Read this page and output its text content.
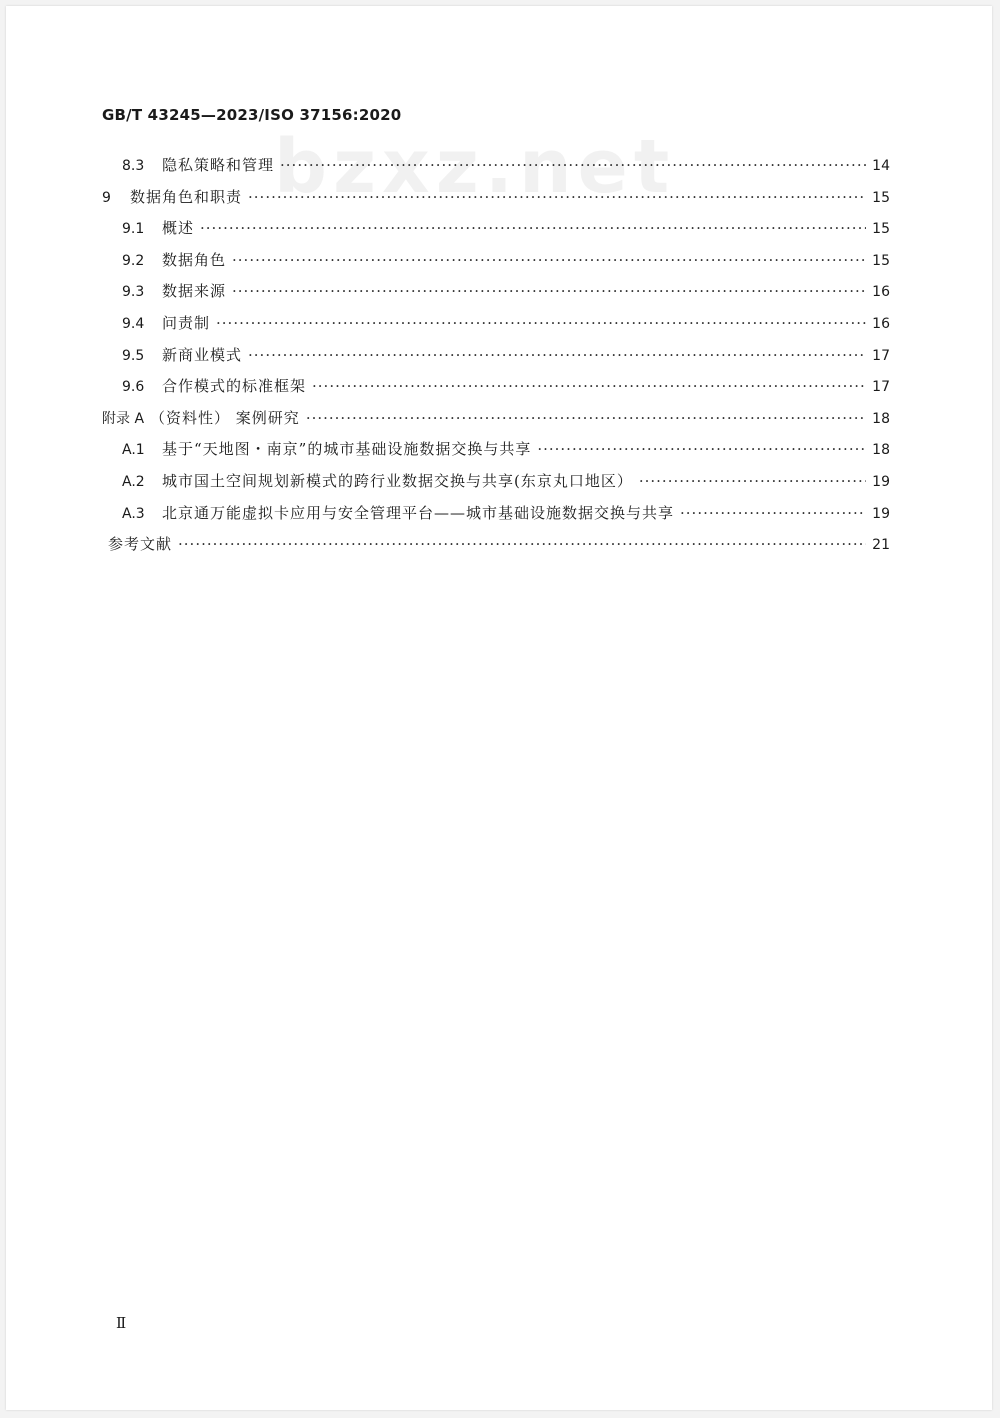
GB/T 43245—2023/ISO 37156:2020
bzxz.net
8.3	隐私策略和管理 ·····	14
9	数据角色和职责 ·····	15
9.1	概述 ·····	15
9.2	数据角色 ·····	15
9.3	数据来源 ·····	16
9.4	问责制 ·····	16
9.5	新商业模式 ·····	17
9.6	合作模式的标准框架 ·····	17
附录 A （资料性） 案例研究 ·····	18
A.1	基于“天地图・南京”的城市基础设施数据交换与共享 ·····	18
A.2	城市国土空间规划新模式的跨行业数据交换与共享(东京丸口地区） ·····	19
A.3	北京通万能虚拟卡应用与安全管理平台——城市基础设施数据交换与共享 ·····	19
参考文献 ·····	21
Ⅱ
